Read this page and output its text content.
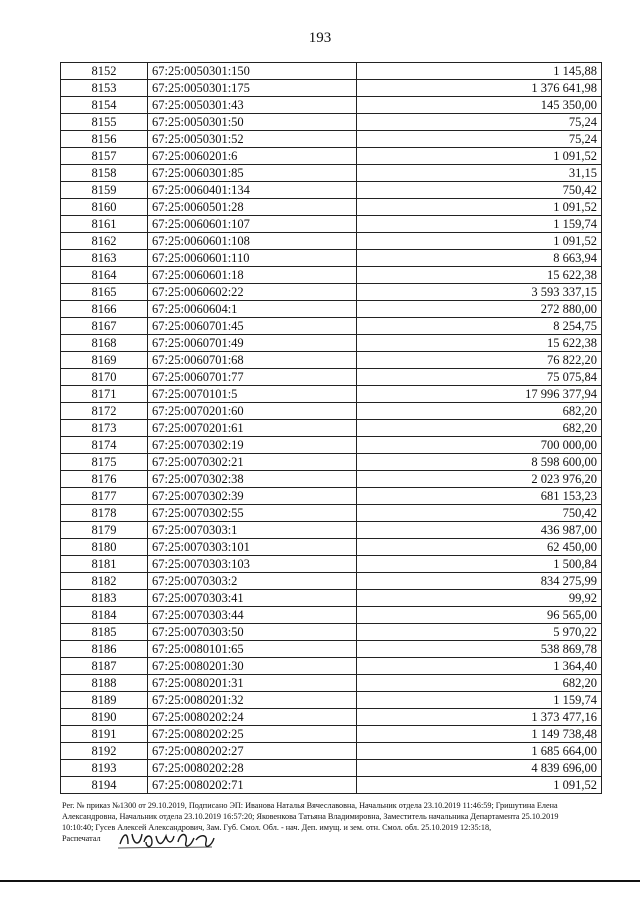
193
8152	67:25:0050301:150	1 145,88
8153	67:25:0050301:175	1 376 641,98
8154	67:25:0050301:43	145 350,00
8155	67:25:0050301:50	75,24
8156	67:25:0050301:52	75,24
8157	67:25:0060201:6	1 091,52
8158	67:25:0060301:85	31,15
8159	67:25:0060401:134	750,42
8160	67:25:0060501:28	1 091,52
8161	67:25:0060601:107	1 159,74
8162	67:25:0060601:108	1 091,52
8163	67:25:0060601:110	8 663,94
8164	67:25:0060601:18	15 622,38
8165	67:25:0060602:22	3 593 337,15
8166	67:25:0060604:1	272 880,00
8167	67:25:0060701:45	8 254,75
8168	67:25:0060701:49	15 622,38
8169	67:25:0060701:68	76 822,20
8170	67:25:0060701:77	75 075,84
8171	67:25:0070101:5	17 996 377,94
8172	67:25:0070201:60	682,20
8173	67:25:0070201:61	682,20
8174	67:25:0070302:19	700 000,00
8175	67:25:0070302:21	8 598 600,00
8176	67:25:0070302:38	2 023 976,20
8177	67:25:0070302:39	681 153,23
8178	67:25:0070302:55	750,42
8179	67:25:0070303:1	436 987,00
8180	67:25:0070303:101	62 450,00
8181	67:25:0070303:103	1 500,84
8182	67:25:0070303:2	834 275,99
8183	67:25:0070303:41	99,92
8184	67:25:0070303:44	96 565,00
8185	67:25:0070303:50	5 970,22
8186	67:25:0080101:65	538 869,78
8187	67:25:0080201:30	1 364,40
8188	67:25:0080201:31	682,20
8189	67:25:0080201:32	1 159,74
8190	67:25:0080202:24	1 373 477,16
8191	67:25:0080202:25	1 149 738,48
8192	67:25:0080202:27	1 685 664,00
8193	67:25:0080202:28	4 839 696,00
8194	67:25:0080202:71	1 091,52
Рег. № приказ №1300 от 29.10.2019, Подписано ЭП: Иванова Наталья Вячеславовна, Начальник отдела 23.10.2019 11:46:59; Гришутина Елена
Александровна, Начальник отдела 23.10.2019 16:57:20; Яковенкова Татьяна Владимировна, Заместитель начальника Департамента 25.10.2019
10:10:40; Гусев Алексей Александрович, Зам. Губ. Смол. Обл. - нач. Деп. имущ. и зем. отн. Смол. обл. 25.10.2019 12:35:18,
Распечатал
